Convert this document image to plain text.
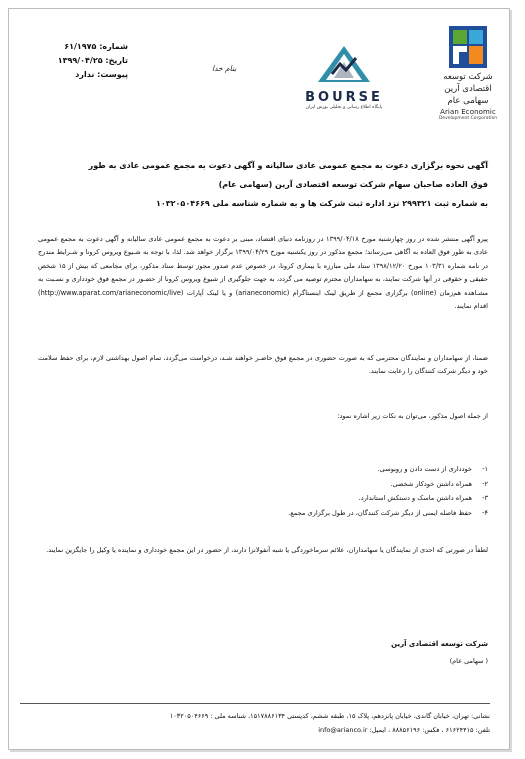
شرکت توسعه
اقتصادی آرین
سهامی عام
Arian Economic
Development Corporation
BOURSE
پایگاه اطلاع رسانی و تحلیلی بورس ایران
بنام خدا
شماره: ۶۱/۱۹۷۵
تاریخ: ۱۳۹۹/۰۴/۲۵
پیوست: ندارد
آگهی نحوه برگزاری دعوت به مجمع عمومی عادی سالیانه و آگهی دعوت به مجمع عمومی عادی به طور
فوق العاده صاحبان سهام شرکت توسعه اقتصادی آرین (سهامی عام)
به شماره ثبت ۲۹۹۳۲۱ نزد اداره ثبت شرکت ها و به شماره شناسه ملی ۱۰۳۲۰۵۰۴۶۶۹
پیرو آگهی منتشر شده در روز چهارشنبه مورخ ۱۳۹۹/۰۴/۱۸ در روزنامه دنیای اقتصاد، مبنی بر دعوت به مجمع عمومی عادی سالیانه و آگهی دعوت به مجمع عمومی عادی به طور فوق العاده به آگاهی می‌رساند؛ مجمع مذکور در روز یکشنبه مورخ ۱۳۹۹/۰۴/۲۹ برگزار خواهد شد. لذا، با توجه به شـیوع ویروس کرونا و شـرایط مندرج در نامه شماره ۱۰۳/۳۱ مورخ ۱۳۹۸/۱۲/۲۰ ستاد ملی مبارزه با بیماری کرونا، در خصوص عدم صدور مجوز توسط ستاد مذکور، برای مجامعی که بیش از ۱۵ شخص حقیقی و حقوقی در آنها شرکت نمایند، به سهامداران محترم توصیه می گردد، به جهت جلوگیری از شیوع ویروس کرونا از حضـور در مجمع فوق خودداری و نسـبت به مشـاهده هم‌زمان (online) برگزاری مجمع از طریق لینک اینستاگرام (arianeconomic) و یا لینک آپارات (http://www.aparat.com/arianeconomic/live) اقدام نمایند.
ضمنا، از سهامداران و نمایندگان محترمی که به صورت حضوری در مجمع فوق حاضـر خواهند شـد، درخواست می‌گردد، تمام اصول بهداشتی لازم، برای حفظ سلامت خود و دیگر شرکت کنندگان را رعایت نمایند.
از جمله اصول مذکور، می‌توان به نکات زیر اشاره نمود:
۱-
خودداری از دست دادن و روبوسی.
۲-
همراه داشتن خودکار شخصی.
۳-
همراه داشتن ماسک و دستکش استاندارد.
۴-
حفظ فاصله ایمنی از دیگر شرکت کنندگان، در طول برگزاری مجمع.
لطفاً در صورتی که احدی از نمایندگان یا سهامداران، علائم سرماخوردگی یا شبه آنفولانزا دارند، از حضور در این مجمع خودداری و نماینده یا وکیل را جایگزین نمایند.
شرکت توسعه اقتصادی آرین
( سهامی عام)
نشانی: تهران، خیابان گاندی، خیابان پانزدهم، پلاک ۱۵، طبقه ششم، کدپستی ۱۵۱۷۸۸۶۱۳۴، شناسه ملی : ۱۰۳۲۰۵۰۴۶۶۹
تلفن: ۶۱۶۲۴۴۱۵ ، فکس: ۸۸۸۵۶۱۹۶ ، ایمیل: info@arianco.ir
